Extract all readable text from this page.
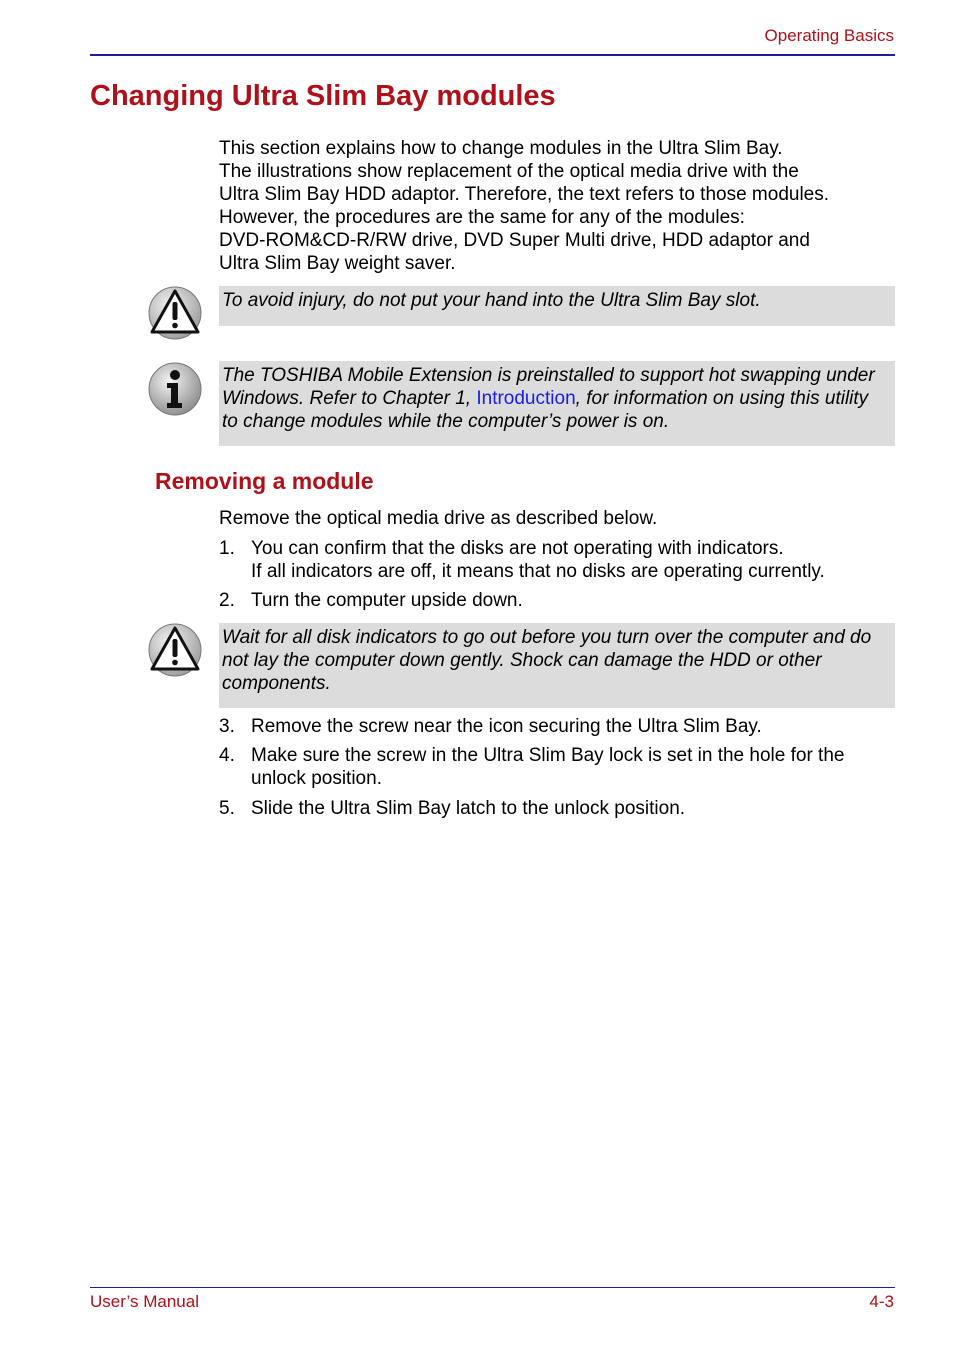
Operating Basics
Changing Ultra Slim Bay modules
This section explains how to change modules in the Ultra Slim Bay.
The illustrations show replacement of the optical media drive with the
Ultra Slim Bay HDD adaptor. Therefore, the text refers to those modules.
However, the procedures are the same for any of the modules:
DVD-ROM&CD-R/RW drive, DVD Super Multi drive, HDD adaptor and
Ultra Slim Bay weight saver.
To avoid injury, do not put your hand into the Ultra Slim Bay slot.
The TOSHIBA Mobile Extension is preinstalled to support hot swapping under Windows. Refer to Chapter 1, Introduction, for information on using this utility to change modules while the computer’s power is on.
Removing a module
Remove the optical media drive as described below.
1. You can confirm that the disks are not operating with indicators.
If all indicators are off, it means that no disks are operating currently.
2. Turn the computer upside down.
Wait for all disk indicators to go out before you turn over the computer and do not lay the computer down gently. Shock can damage the HDD or other components.
3. Remove the screw near the icon securing the Ultra Slim Bay.
4. Make sure the screw in the Ultra Slim Bay lock is set in the hole for the
unlock position.
5. Slide the Ultra Slim Bay latch to the unlock position.
User’s Manual	4-3
